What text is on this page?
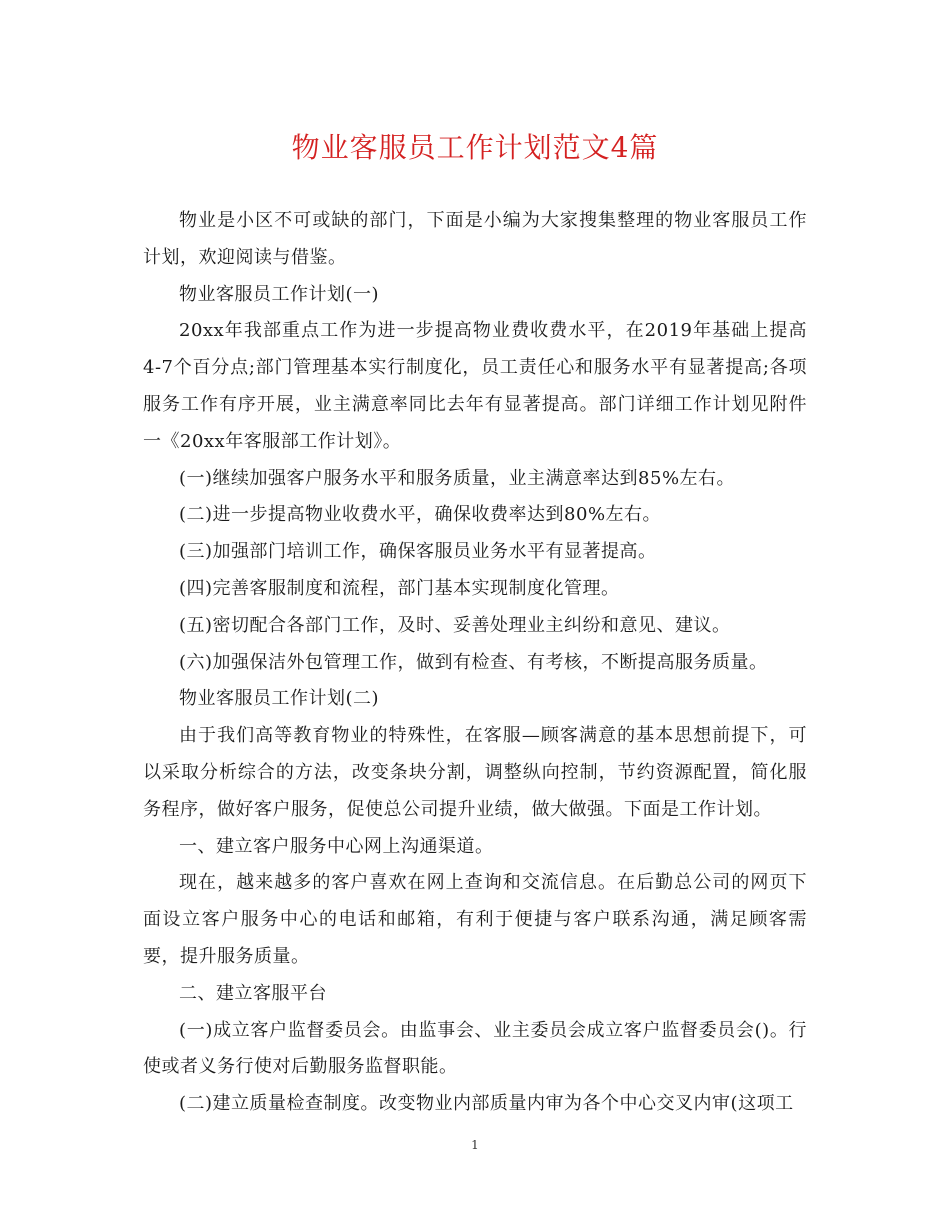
物业客服员工作计划范文4篇

物业是小区不可或缺的部门，下面是小编为大家搜集整理的物业客服员工作计划，欢迎阅读与借鉴。

物业客服员工作计划(一)

20xx年我部重点工作为进一步提高物业费收费水平，在2019年基础上提高4-7个百分点;部门管理基本实行制度化，员工责任心和服务水平有显著提高;各项服务工作有序开展，业主满意率同比去年有显著提高。部门详细工作计划见附件一《20xx年客服部工作计划》。

(一)继续加强客户服务水平和服务质量，业主满意率达到85%左右。

(二)进一步提高物业收费水平，确保收费率达到80%左右。

(三)加强部门培训工作，确保客服员业务水平有显著提高。

(四)完善客服制度和流程，部门基本实现制度化管理。

(五)密切配合各部门工作，及时、妥善处理业主纠纷和意见、建议。

(六)加强保洁外包管理工作，做到有检查、有考核，不断提高服务质量。

物业客服员工作计划(二)

由于我们高等教育物业的特殊性，在客服—顾客满意的基本思想前提下，可以采取分析综合的方法，改变条块分割，调整纵向控制，节约资源配置，简化服务程序，做好客户服务，促使总公司提升业绩，做大做强。下面是工作计划。

一、建立客户服务中心网上沟通渠道。

现在，越来越多的客户喜欢在网上查询和交流信息。在后勤总公司的网页下面设立客户服务中心的电话和邮箱，有利于便捷与客户联系沟通，满足顾客需要，提升服务质量。

二、建立客服平台

(一)成立客户监督委员会。由监事会、业主委员会成立客户监督委员会()。行使或者义务行使对后勤服务监督职能。

(二)建立质量检查制度。改变物业内部质量内审为各个中心交叉内审(这项工

1
